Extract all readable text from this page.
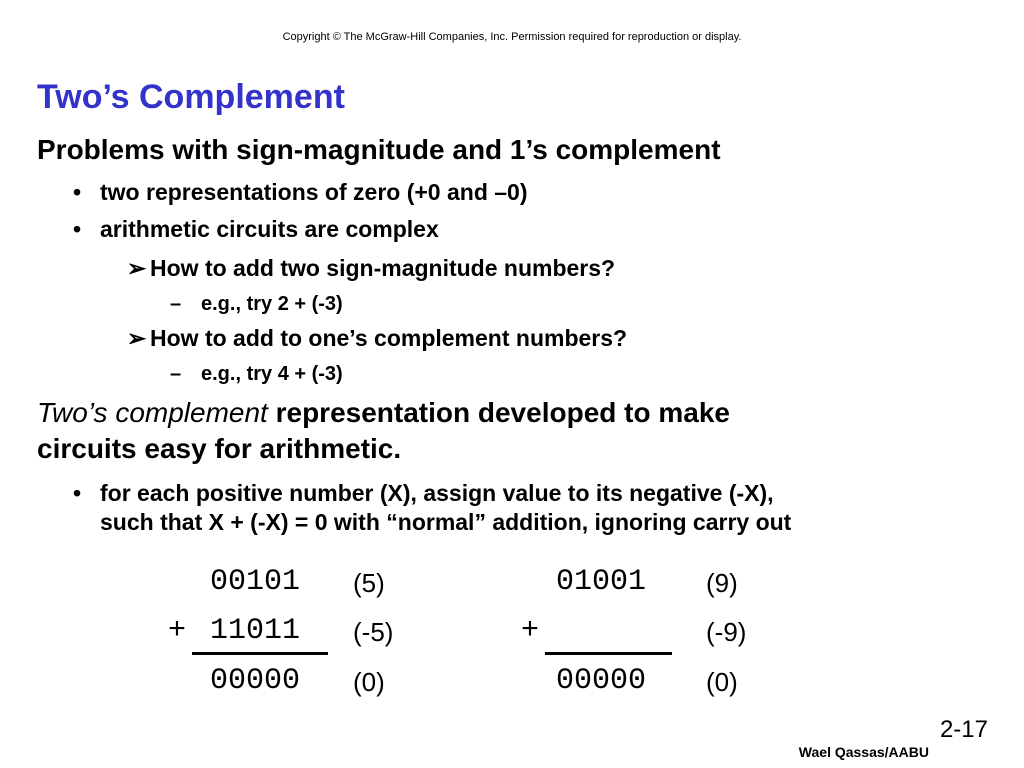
Copyright © The McGraw-Hill Companies, Inc. Permission required for reproduction or display.
Two’s Complement
Problems with sign-magnitude and 1’s complement
• two representations of zero (+0 and –0)
• arithmetic circuits are complex
➢ How to add two sign-magnitude numbers?
– e.g., try 2 + (-3)
➢ How to add to one’s complement numbers?
– e.g., try 4 + (-3)
Two’s complement representation developed to make
circuits easy for arithmetic.
• for each positive number (X), assign value to its negative (-X),
such that X + (-X) = 0 with “normal” addition, ignoring carry out
00101 (5)
+ 11011 (-5)
00000 (0)
01001 (9)
+	(-9)
00000 (0)
2-17
Wael Qassas/AABU
